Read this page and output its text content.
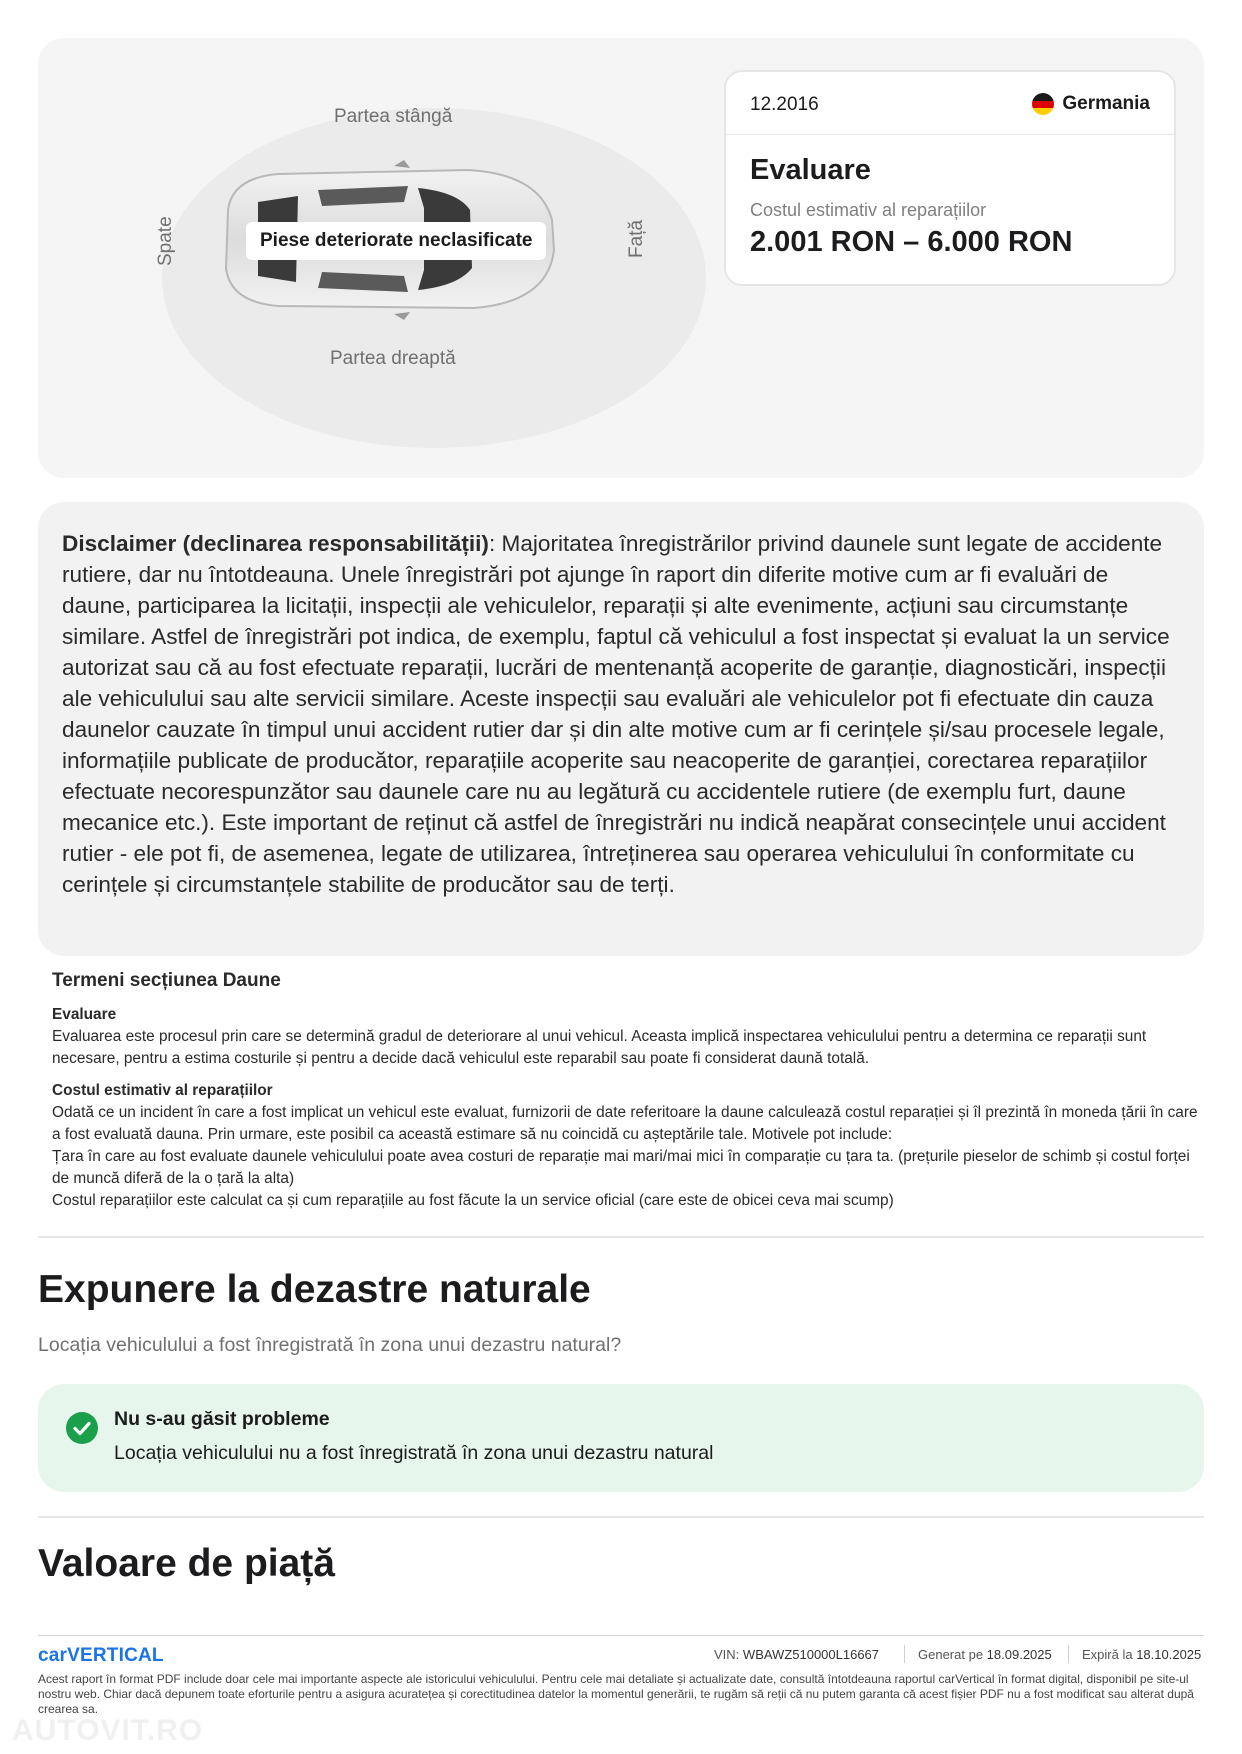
Partea stângă
Partea dreaptă
Spate	Față
Piese deteriorate neclasificate
12.2016	Germania
Evaluare
Costul estimativ al reparațiilor
2.001 RON – 6.000 RON
Disclaimer (declinarea responsabilității): Majoritatea înregistrărilor privind daunele sunt legate de accidente rutiere, dar nu întotdeauna. Unele înregistrări pot ajunge în raport din diferite motive cum ar fi evaluări de daune, participarea la licitații, inspecții ale vehiculelor, reparații și alte evenimente, acțiuni sau circumstanțe similare. Astfel de înregistrări pot indica, de exemplu, faptul că vehiculul a fost inspectat și evaluat la un service autorizat sau că au fost efectuate reparații, lucrări de mentenanță acoperite de garanție, diagnosticări, inspecții ale vehiculului sau alte servicii similare. Aceste inspecții sau evaluări ale vehiculelor pot fi efectuate din cauza daunelor cauzate în timpul unui accident rutier dar și din alte motive cum ar fi cerințele și/sau procesele legale, informațiile publicate de producător, reparațiile acoperite sau neacoperite de garanției, corectarea reparațiilor efectuate necorespunzător sau daunele care nu au legătură cu accidentele rutiere (de exemplu furt, daune mecanice etc.). Este important de reținut că astfel de înregistrări nu indică neapărat consecințele unui accident rutier - ele pot fi, de asemenea, legate de utilizarea, întreținerea sau operarea vehiculului în conformitate cu cerințele și circumstanțele stabilite de producător sau de terți.
Termeni secțiunea Daune
Evaluare
Evaluarea este procesul prin care se determină gradul de deteriorare al unui vehicul. Aceasta implică inspectarea vehiculului pentru a determina ce reparații sunt necesare, pentru a estima costurile și pentru a decide dacă vehiculul este reparabil sau poate fi considerat daună totală.
Costul estimativ al reparațiilor
Odată ce un incident în care a fost implicat un vehicul este evaluat, furnizorii de date referitoare la daune calculează costul reparației și îl prezintă în moneda țării în care a fost evaluată dauna. Prin urmare, este posibil ca această estimare să nu coincidă cu așteptările tale. Motivele pot include:
Țara în care au fost evaluate daunele vehiculului poate avea costuri de reparație mai mari/mai mici în comparație cu țara ta. (prețurile pieselor de schimb și costul forței de muncă diferă de la o țară la alta)
Costul reparațiilor este calculat ca și cum reparațiile au fost făcute la un service oficial (care este de obicei ceva mai scump)
Expunere la dezastre naturale
Locația vehiculului a fost înregistrată în zona unui dezastru natural?
Nu s-au găsit probleme
Locația vehiculului nu a fost înregistrată în zona unui dezastru natural
Valoare de piață
carVERTICAL	VIN: WBAWZ510000L16667	Generat pe 18.09.2025 Expiră la 18.10.2025
Acest raport în format PDF include doar cele mai importante aspecte ale istoricului vehiculului. Pentru cele mai detaliate și actualizate date, consultă întotdeauna raportul carVertical în format digital, disponibil pe site-ul nostru web. Chiar dacă depunem toate eforturile pentru a asigura acuratețea și corectitudinea datelor la momentul generării, te rugăm să reții că nu putem garanta că acest fișier PDF nu a fost modificat sau alterat după crearea sa.
AUTOVIT.RO
